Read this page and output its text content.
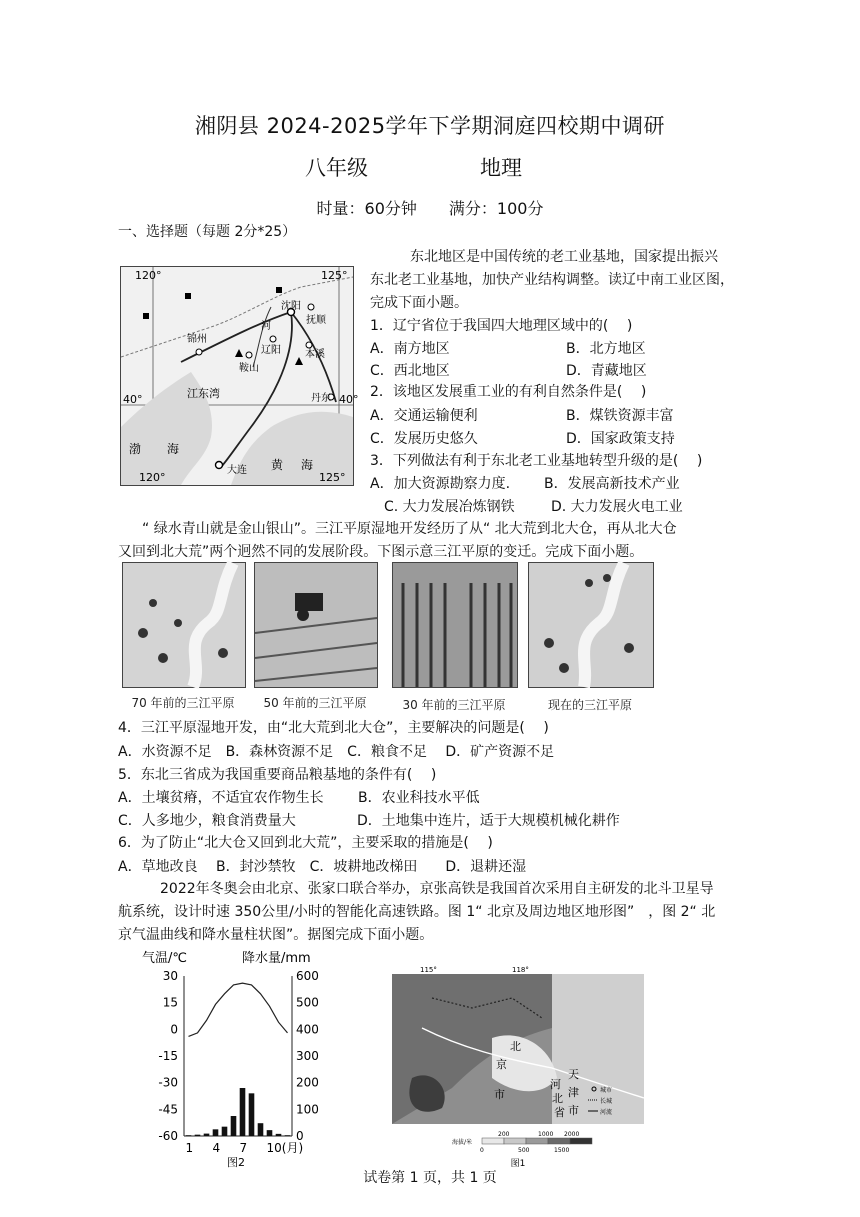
湘阴县 2024-2025学年下学期洞庭四校期中调研
八年级	地理
时量：60分钟　　满分：100分
一、选择题（每题 2分*25）
120°	125°
40°	40°
120°	125°
沈阳
抚顺
锦州
鞍山
辽阳 本溪
丹东
大连
河
江东湾
渤 海
黄 海
东北地区是中国传统的老工业基地，国家提出振兴
东北老工业基地，加快产业结构调整。读辽中南工业区图，
完成下面小题。
1．辽宁省位于我国四大地理区域中的(　 )
A．南方地区	B．北方地区
C．西北地区	D．青藏地区
2．该地区发展重工业的有利自然条件是(　 )
A．交通运输便利	B．煤铁资源丰富
C．发展历史悠久	D．国家政策支持
3．下列做法有利于东北老工业基地转型升级的是(　 )
A．加大资源勘察力度. B．发展高新技术产业
C. 大力发展冶炼钢铁	D. 大力发展火电工业
“ 绿水青山就是金山银山”。三江平原湿地开发经历了从“ 北大荒到北大仓，再从北大仓
又回到北大荒”两个迥然不同的发展阶段。下图示意三江平原的变迁。完成下面小题。
70 年前的三江平原	50 年前的三江平原	30 年前的三江平原	现在的三江平原
4．三江平原湿地开发，由“北大荒到北大仓”，主要解决的问题是(　 )
A．水资源不足　B．森林资源不足　C．粮食不足　 D．矿产资源不足
5．东北三省成为我国重要商品粮基地的条件有(　 )
A．土壤贫瘠，不适宜农作物生长 B．农业科技水平低
C．人多地少，粮食消费量大	D．土地集中连片，适于大规模机械化耕作
6．为了防止“北大仓又回到北大荒”，主要采取的措施是(　 )
A．草地改良　 B．封沙禁牧　C．坡耕地改梯田　　D．退耕还湿
2022年冬奥会由北京、张家口联合举办，京张高铁是我国首次采用自主研发的北斗卫星导
航系统，设计时速 350公里/小时的智能化高速铁路。图 1“ 北京及周边地区地形图”　，图 2“ 北
京气温曲线和降水量柱状图”。据图完成下面小题。
气温/℃	降水量/mm
30
15
0
-15
-30
-45
-60
600
500
400
300
200
100
0
1 4 7 10(月)
图2
115°	118°
北
京
市
河
北
省
天
津
市
城市
长城
河流
海拔/米
200	1000 2000
0	500	1500
图1
试卷第 1 页，共 1 页
